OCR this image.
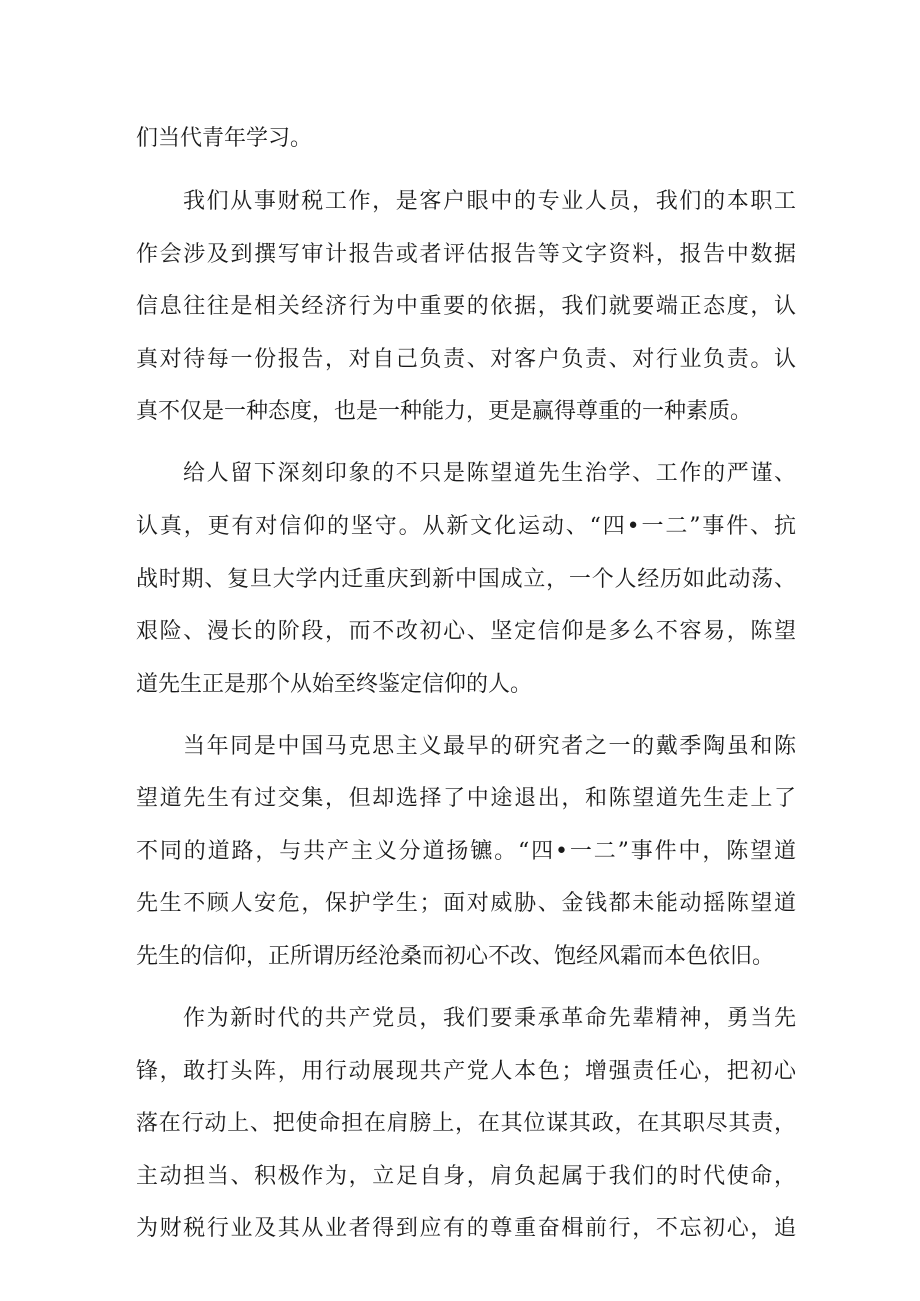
们当代青年学习。
我们从事财税工作，是客户眼中的专业人员，我们的本职工
作会涉及到撰写审计报告或者评估报告等文字资料，报告中数据
信息往往是相关经济行为中重要的依据，我们就要端正态度，认
真对待每一份报告，对自己负责、对客户负责、对行业负责。认
真不仅是一种态度，也是一种能力，更是赢得尊重的一种素质。
给人留下深刻印象的不只是陈望道先生治学、工作的严谨、
认真，更有对信仰的坚守。从新文化运动、“四•一二”事件、抗
战时期、复旦大学内迁重庆到新中国成立，一个人经历如此动荡、
艰险、漫长的阶段，而不改初心、坚定信仰是多么不容易，陈望
道先生正是那个从始至终鉴定信仰的人。
当年同是中国马克思主义最早的研究者之一的戴季陶虽和陈
望道先生有过交集，但却选择了中途退出，和陈望道先生走上了
不同的道路，与共产主义分道扬镳。“四•一二”事件中，陈望道
先生不顾人安危，保护学生；面对威胁、金钱都未能动摇陈望道
先生的信仰，正所谓历经沧桑而初心不改、饱经风霜而本色依旧。
作为新时代的共产党员，我们要秉承革命先辈精神，勇当先
锋，敢打头阵，用行动展现共产党人本色；增强责任心，把初心
落在行动上、把使命担在肩膀上，在其位谋其政，在其职尽其责，
主动担当、积极作为，立足自身，肩负起属于我们的时代使命，
为财税行业及其从业者得到应有的尊重奋楫前行，不忘初心，追
